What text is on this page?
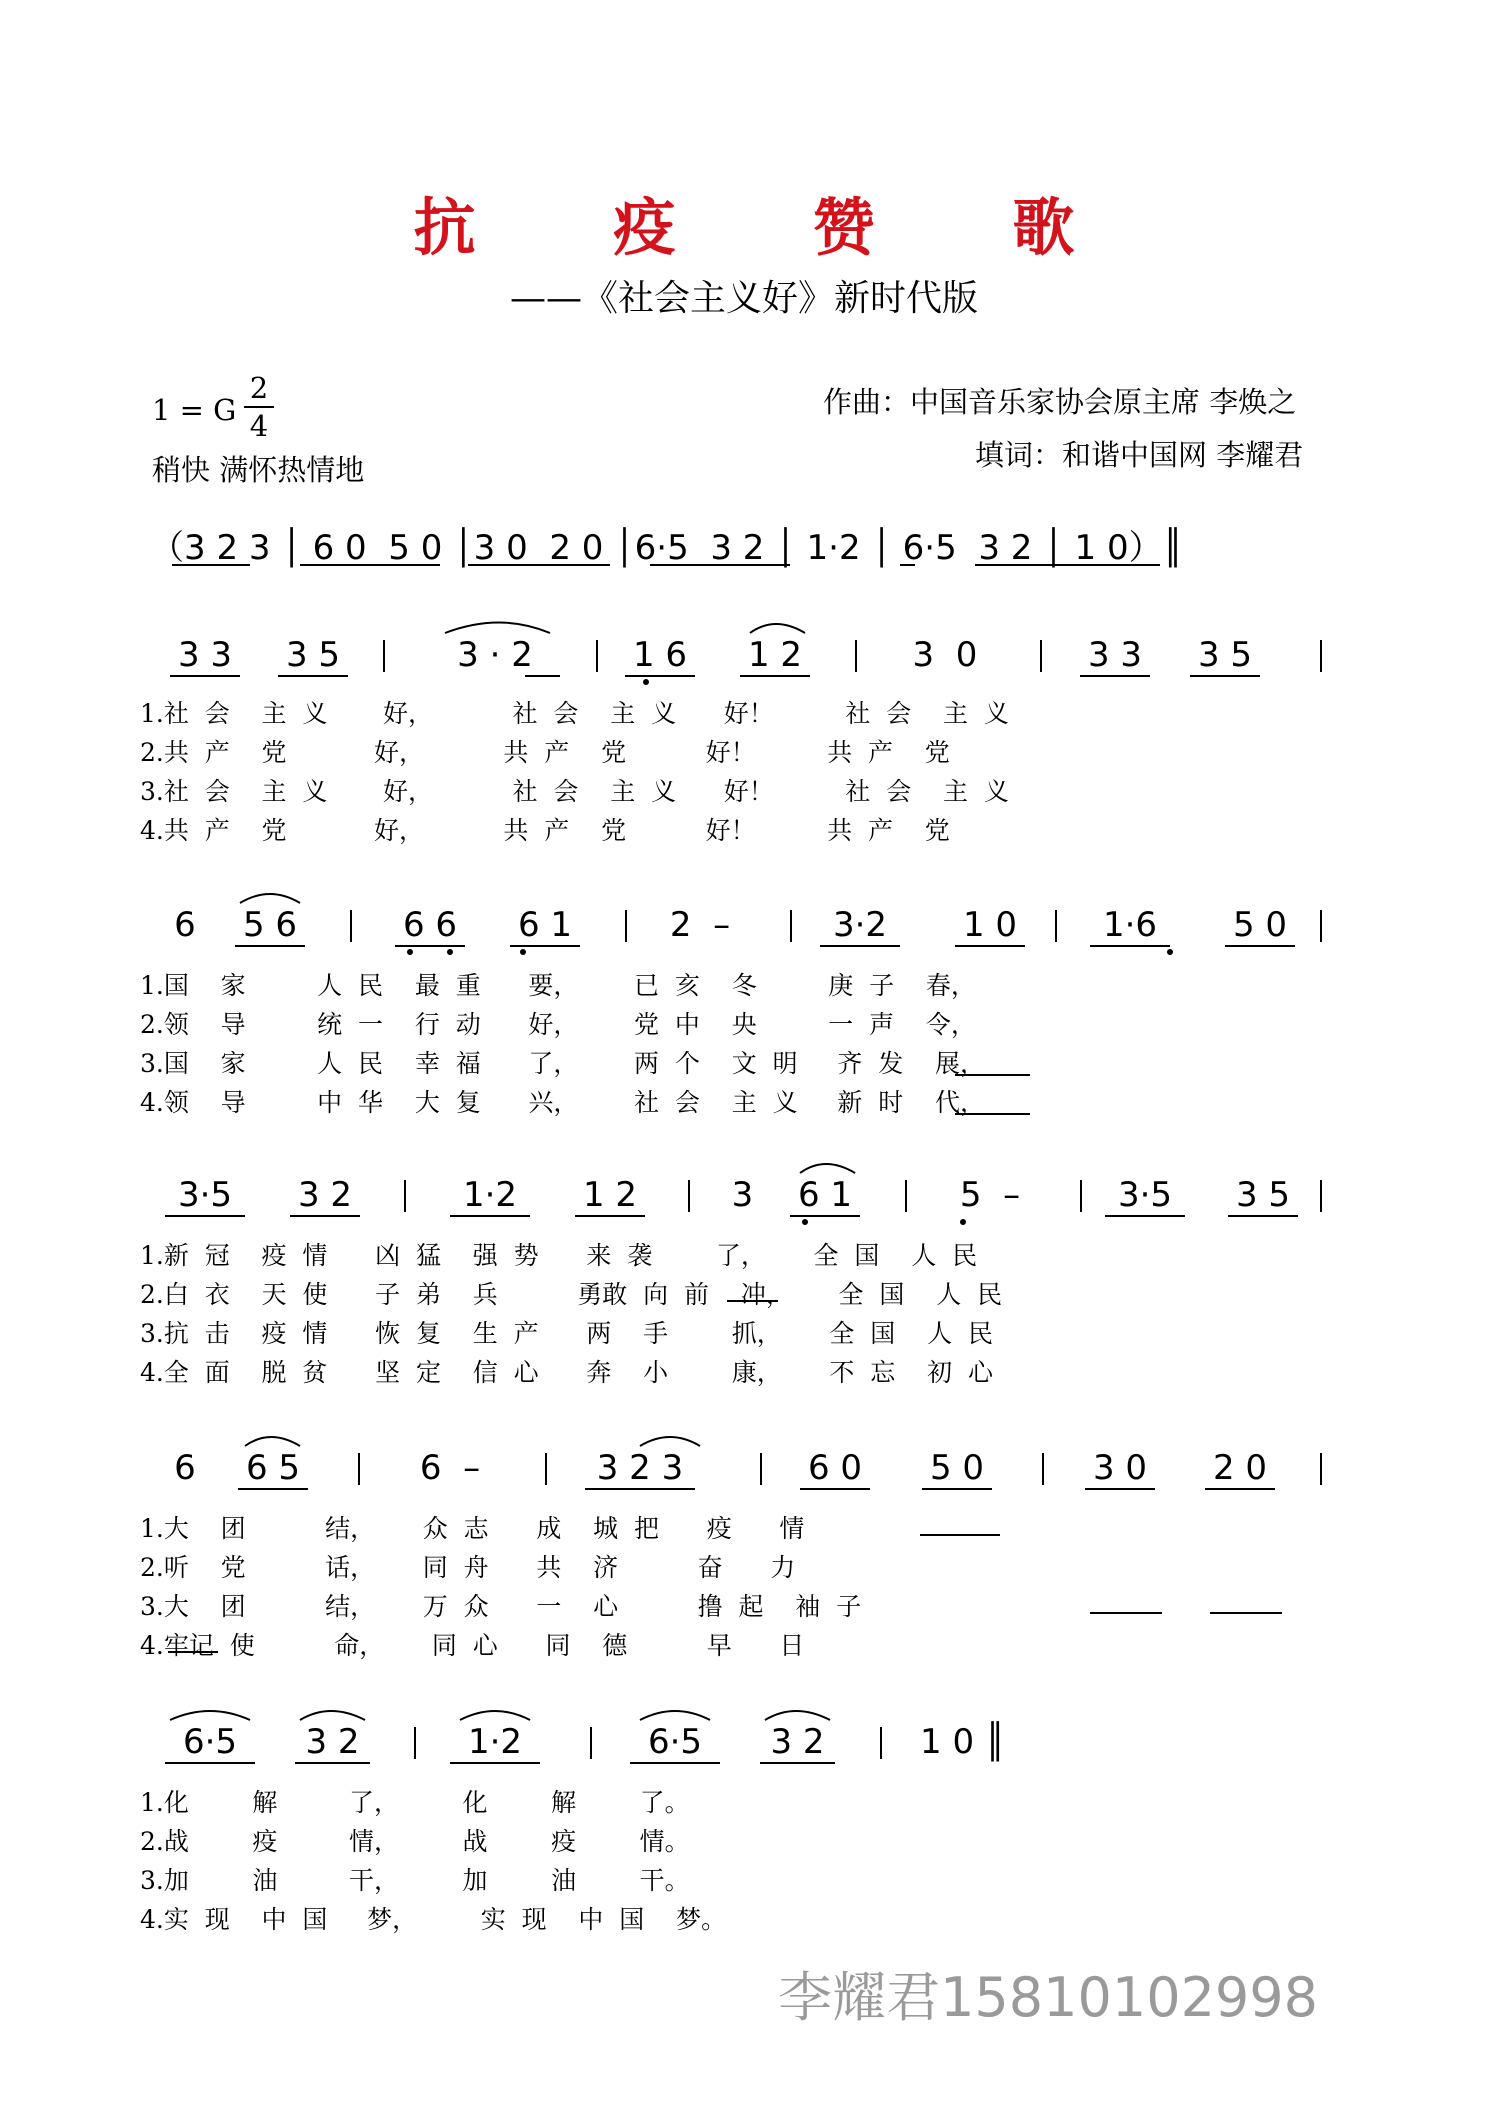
抗 疫 赞 歌
——《社会主义好》新时代版
1 = G
2
4
稍快 满怀热情地
作曲：中国音乐家协会原主席 李焕之
填词：和谐中国网 李耀君
（3 2 3 │ 6 0  5 0 │3 0  2 0 │6·5  3 2 │ 1·2 │ 6·5  3 2 │ 1 0）║
3 3 3 5	3 · 2	1 6 1 2	3  0	3 3 3 5
1.社  会    主  义       好，          社  会    主  义      好！         社  会    主  义
2.共  产    党           好，          共  产    党          好！         共  产    党
3.社  会    主  义       好，          社  会    主  义      好！         社  会    主  义
4.共  产    党           好，          共  产    党          好！         共  产    党
6 5 6	6 6 6 1	2  –	3·2	1 0	1·6	5 0
1.国    家         人  民    最  重      要，       已  亥    冬         庚  子    春，
2.领    导         统  一    行  动      好，       党  中    央         一  声    令，
3.国    家         人  民    幸  福      了，       两  个    文  明     齐  发    展，
4.领    导         中  华    大  复      兴，       社  会    主  义     新  时    代，
3·5	3 2	1·2	1 2	3 6 1	5  –	3·5	3 5
1.新  冠    疫  情      凶  猛    强  势      来  袭        了，      全  国    人  民
2.白  衣    天  使      子  弟    兵          勇敢  向  前    冲，      全  国    人  民
3.抗  击    疫  情      恢  复    生  产      两    手        抓，      全  国    人  民
4.全  面    脱  贫      坚  定    信  心      奔    小        康，      不  忘    初  心
6 6 5	6  –	3 2 3	6 0 5 0	3 0 2 0
1.大    团          结，      众  志      成    城  把      疫      情
2.听    党          话，      同  舟      共    济          奋      力
3.大    团          结，      万  众      一    心          撸  起    袖  子
4.牢记  使          命，      同  心      同    德          早      日
6·5	3 2	1·2	6·5	3 2	1 0 ║
1.化        解         了，        化        解        了。
2.战        疫         情，        战        疫        情。
3.加        油         干，        加        油        干。
4.实  现    中  国     梦，        实  现    中  国    梦。
李耀君15810102998
